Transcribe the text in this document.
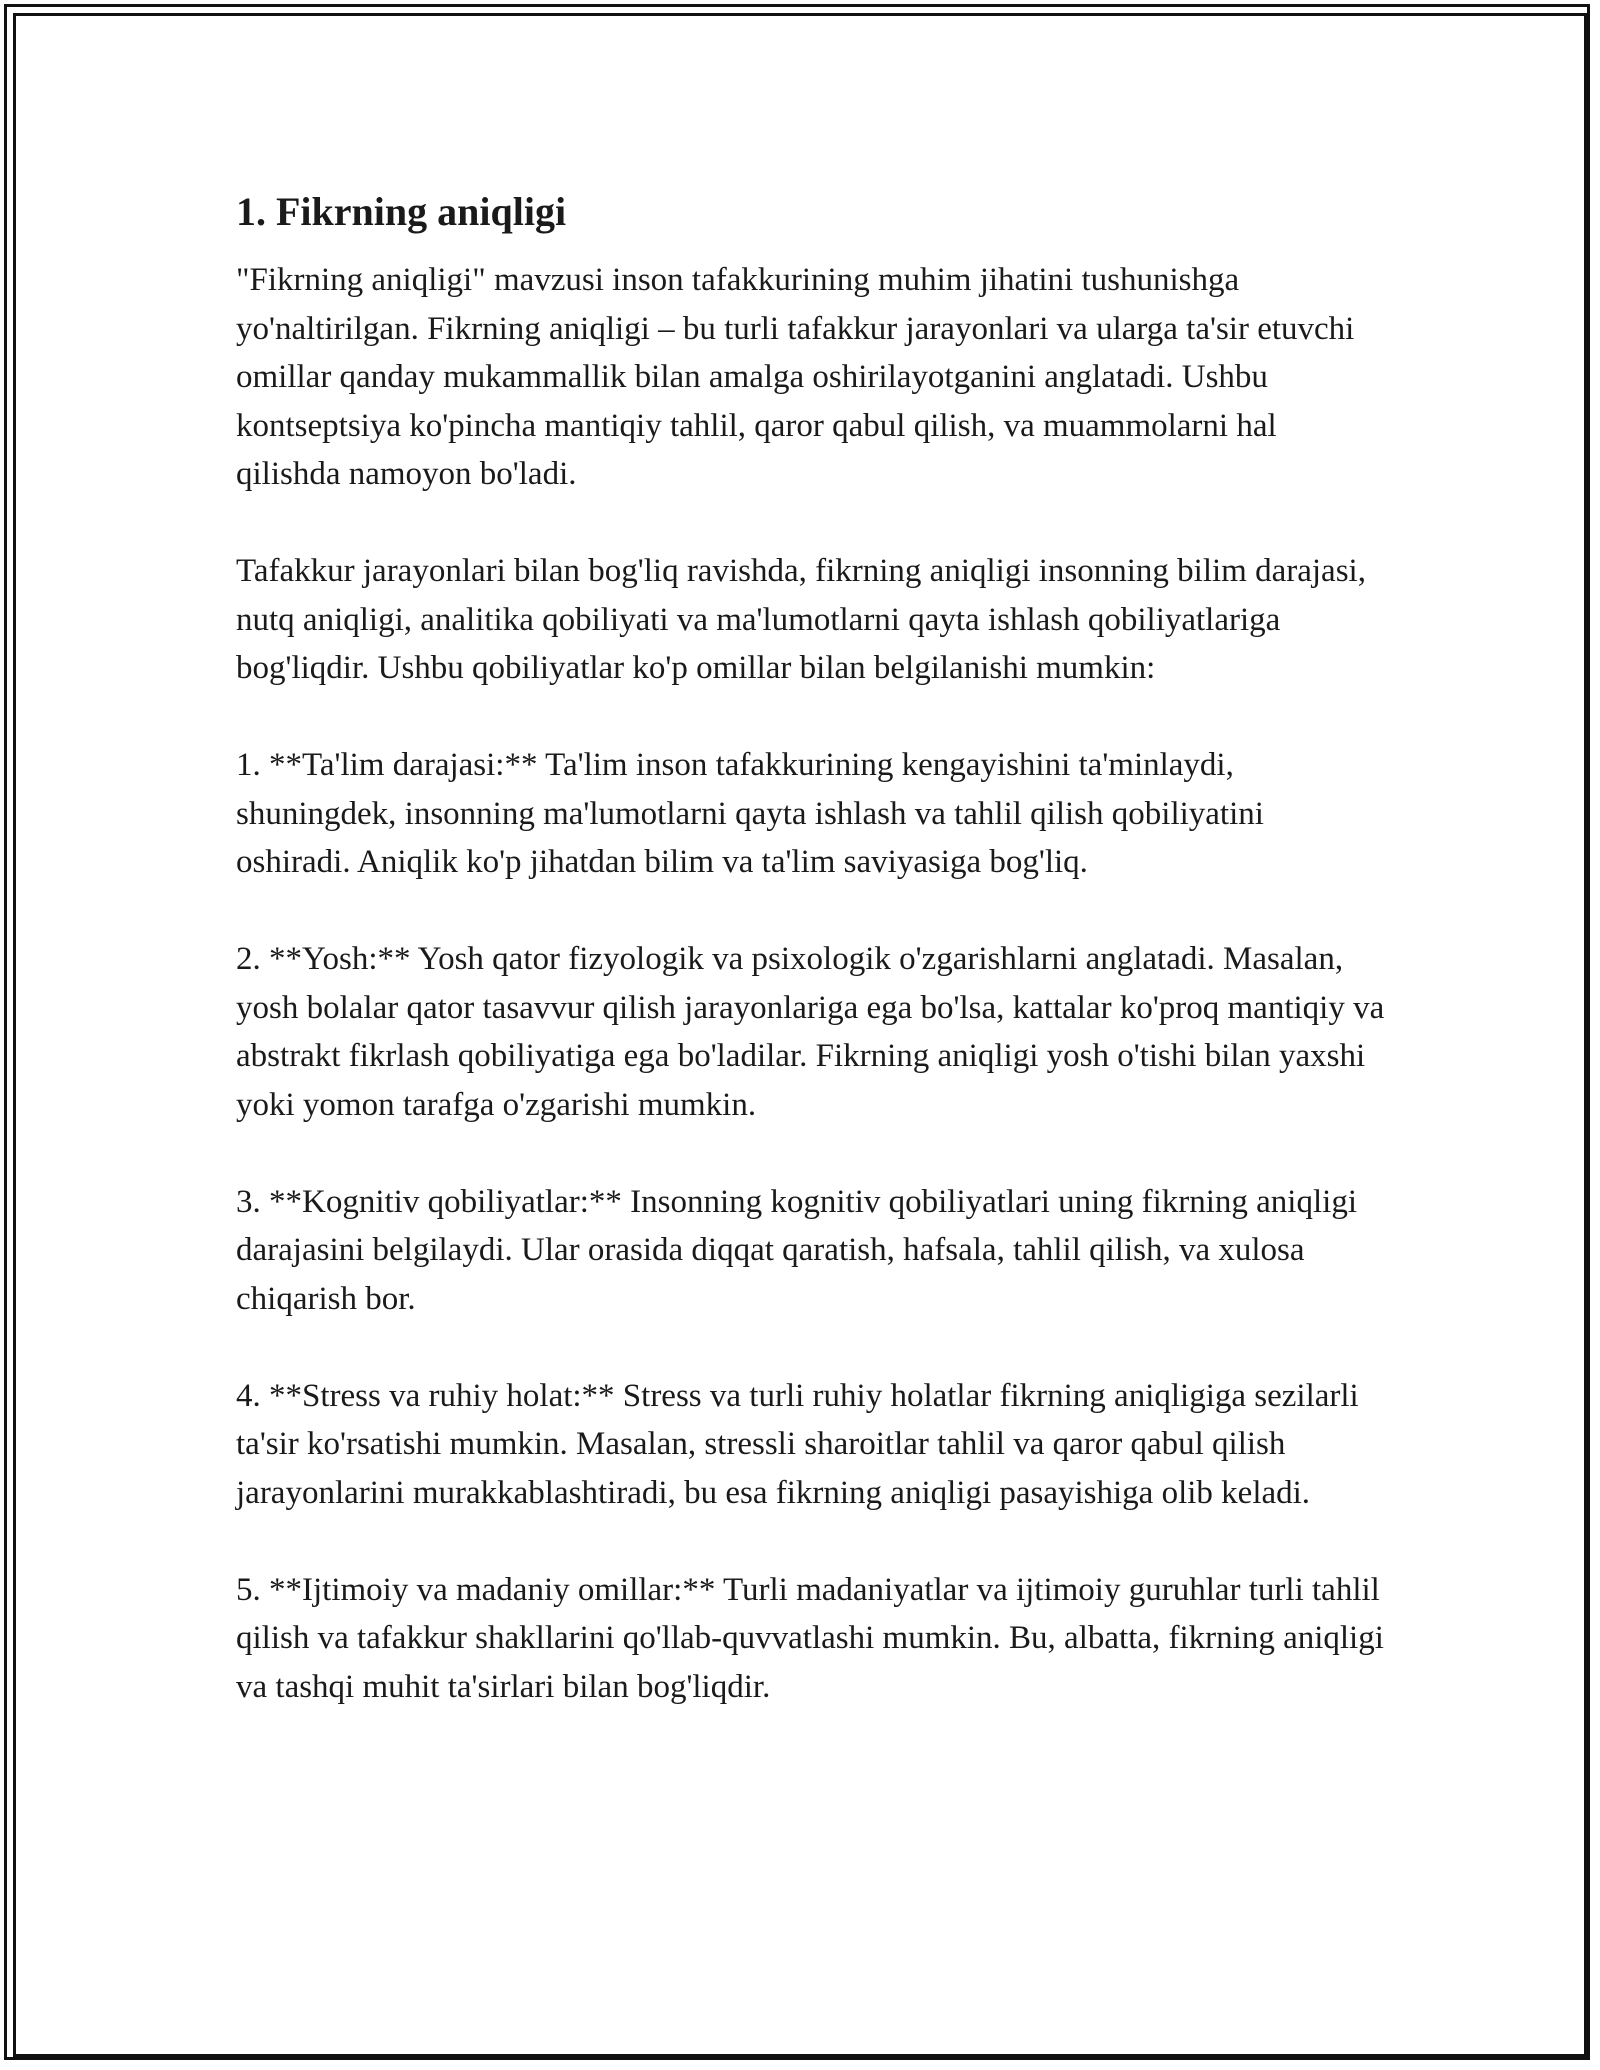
1. Fikrning aniqligi

"Fikrning aniqligi" mavzusi inson tafakkurining muhim jihatini tushunishga yo'naltirilgan. Fikrning aniqligi – bu turli tafakkur jarayonlari va ularga ta'sir etuvchi omillar qanday mukammallik bilan amalga oshirilayotganini anglatadi. Ushbu kontseptsiya ko'pincha mantiqiy tahlil, qaror qabul qilish, va muammolarni hal qilishda namoyon bo'ladi.

Tafakkur jarayonlari bilan bog'liq ravishda, fikrning aniqligi insonning bilim darajasi, nutq aniqligi, analitika qobiliyati va ma'lumotlarni qayta ishlash qobiliyatlariga bog'liqdir. Ushbu qobiliyatlar ko'p omillar bilan belgilanishi mumkin:

1. **Ta'lim darajasi:** Ta'lim inson tafakkurining kengayishini ta'minlaydi, shuningdek, insonning ma'lumotlarni qayta ishlash va tahlil qilish qobiliyatini oshiradi. Aniqlik ko'p jihatdan bilim va ta'lim saviyasiga bog'liq.

2. **Yosh:** Yosh qator fizyologik va psixologik o'zgarishlarni anglatadi. Masalan, yosh bolalar qator tasavvur qilish jarayonlariga ega bo'lsa, kattalar ko'proq mantiqiy va abstrakt fikrlash qobiliyatiga ega bo'ladilar. Fikrning aniqligi yosh o'tishi bilan yaxshi yoki yomon tarafga o'zgarishi mumkin.

3. **Kognitiv qobiliyatlar:** Insonning kognitiv qobiliyatlari uning fikrning aniqligi darajasini belgilaydi. Ular orasida diqqat qaratish, hafsala, tahlil qilish, va xulosa chiqarish bor.

4. **Stress va ruhiy holat:** Stress va turli ruhiy holatlar fikrning aniqligiga sezilarli ta'sir ko'rsatishi mumkin. Masalan, stressli sharoitlar tahlil va qaror qabul qilish jarayonlarini murakkablashtiradi, bu esa fikrning aniqligi pasayishiga olib keladi.

5. **Ijtimoiy va madaniy omillar:** Turli madaniyatlar va ijtimoiy guruhlar turli tahlil qilish va tafakkur shakllarini qo'llab-quvvatlashi mumkin. Bu, albatta, fikrning aniqligi va tashqi muhit ta'sirlari bilan bog'liqdir.
